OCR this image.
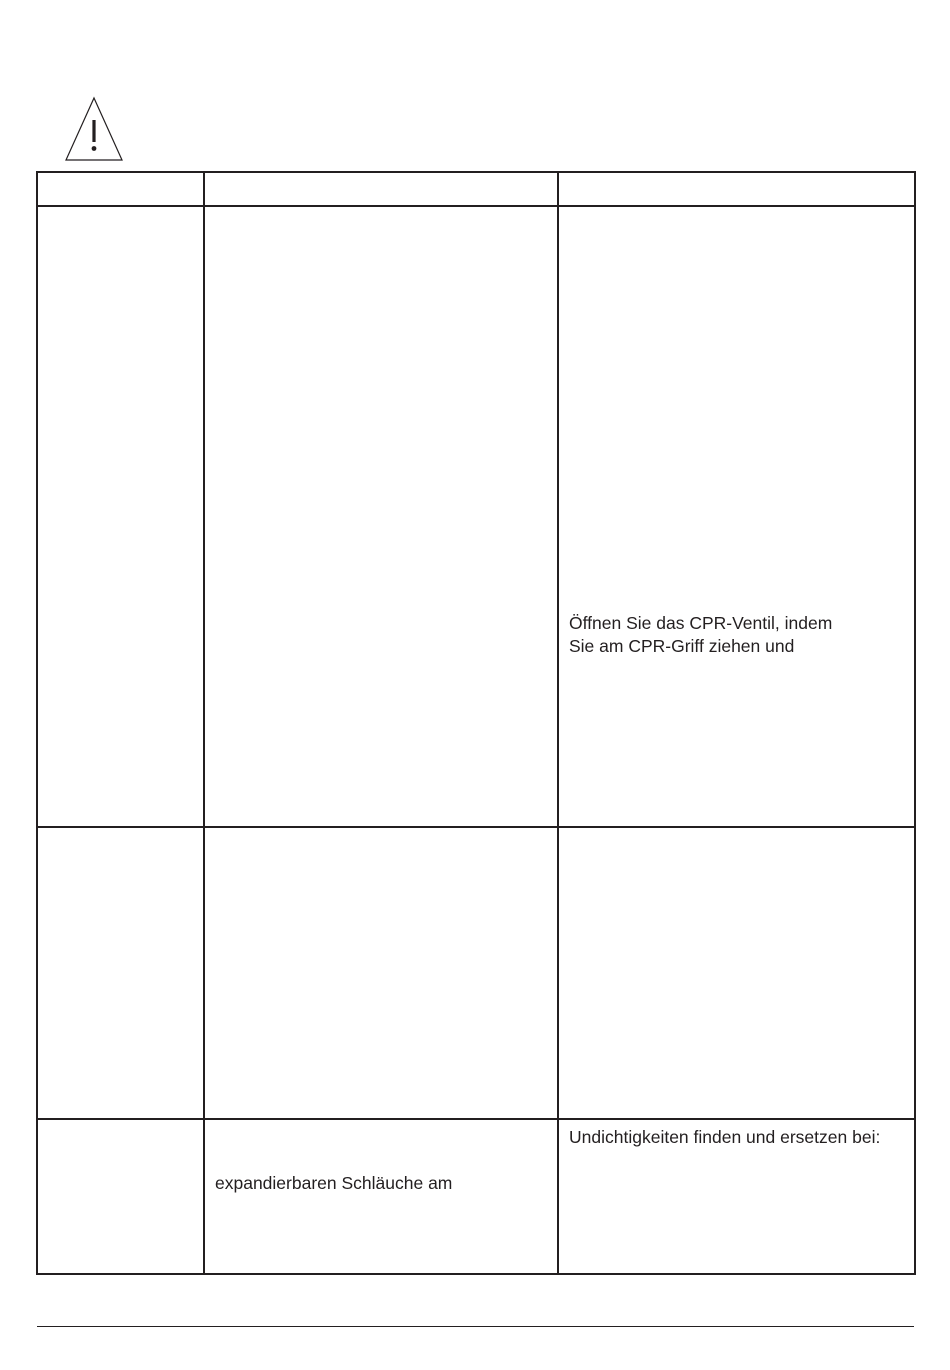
		Öffnen Sie das CPR-Ventil, indem
Sie am CPR-Griff ziehen und

	expandierbaren Schläuche am	Undichtigkeiten finden und ersetzen bei:
